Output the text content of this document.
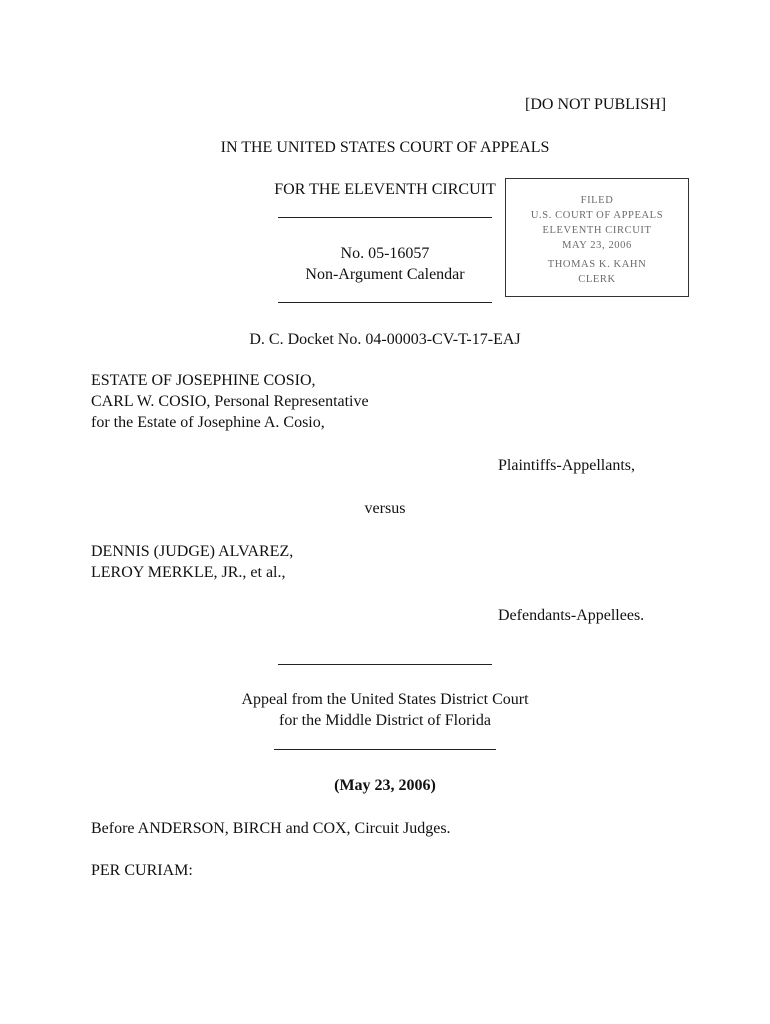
[DO NOT PUBLISH]
IN THE UNITED STATES COURT OF APPEALS
FOR THE ELEVENTH CIRCUIT
No. 05-16057
Non-Argument Calendar
FILED
U.S. COURT OF APPEALS
ELEVENTH CIRCUIT
MAY 23, 2006
THOMAS K. KAHN
CLERK
D. C. Docket No. 04-00003-CV-T-17-EAJ
ESTATE OF JOSEPHINE COSIO,
CARL W. COSIO, Personal Representative
for the Estate of Josephine A. Cosio,
Plaintiffs-Appellants,
versus
DENNIS (JUDGE) ALVAREZ,
LEROY MERKLE, JR., et al.,
Defendants-Appellees.
Appeal from the United States District Court
for the Middle District of Florida
(May 23, 2006)
Before ANDERSON, BIRCH and COX, Circuit Judges.
PER CURIAM:
